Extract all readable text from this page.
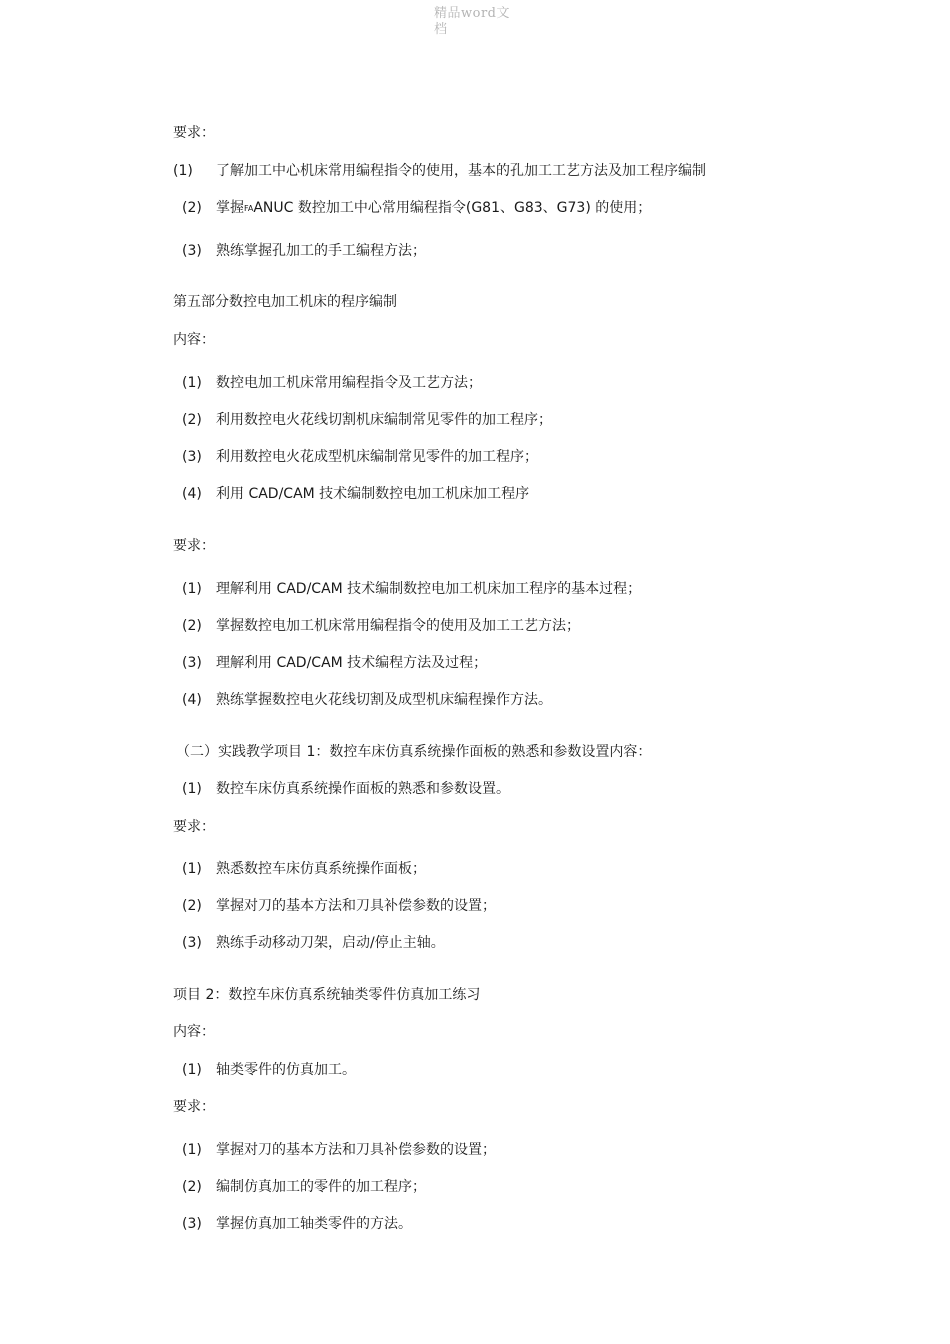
精品word文
档
要求：
(1) 了解加工中心机床常用编程指令的使用，基本的孔加工工艺方法及加工程序编制
(2) 掌握FAANUC 数控加工中心常用编程指令(G81、G83、G73) 的使用；
(3) 熟练掌握孔加工的手工编程方法；
第五部分数控电加工机床的程序编制
内容：
(1) 数控电加工机床常用编程指令及工艺方法；
(2) 利用数控电火花线切割机床编制常见零件的加工程序；
(3) 利用数控电火花成型机床编制常见零件的加工程序；
(4) 利用 CAD/CAM 技术编制数控电加工机床加工程序
要求：
(1) 理解利用 CAD/CAM 技术编制数控电加工机床加工程序的基本过程；
(2) 掌握数控电加工机床常用编程指令的使用及加工工艺方法；
(3) 理解利用 CAD/CAM 技术编程方法及过程；
(4) 熟练掌握数控电火花线切割及成型机床编程操作方法。
（二）实践教学项目 1：数控车床仿真系统操作面板的熟悉和参数设置内容：
(1) 数控车床仿真系统操作面板的熟悉和参数设置。
要求：
(1) 熟悉数控车床仿真系统操作面板；
(2) 掌握对刀的基本方法和刀具补偿参数的设置；
(3) 熟练手动移动刀架，启动/停止主轴。
项目 2：数控车床仿真系统轴类零件仿真加工练习
内容：
(1) 轴类零件的仿真加工。
要求：
(1) 掌握对刀的基本方法和刀具补偿参数的设置；
(2) 编制仿真加工的零件的加工程序；
(3) 掌握仿真加工轴类零件的方法。
